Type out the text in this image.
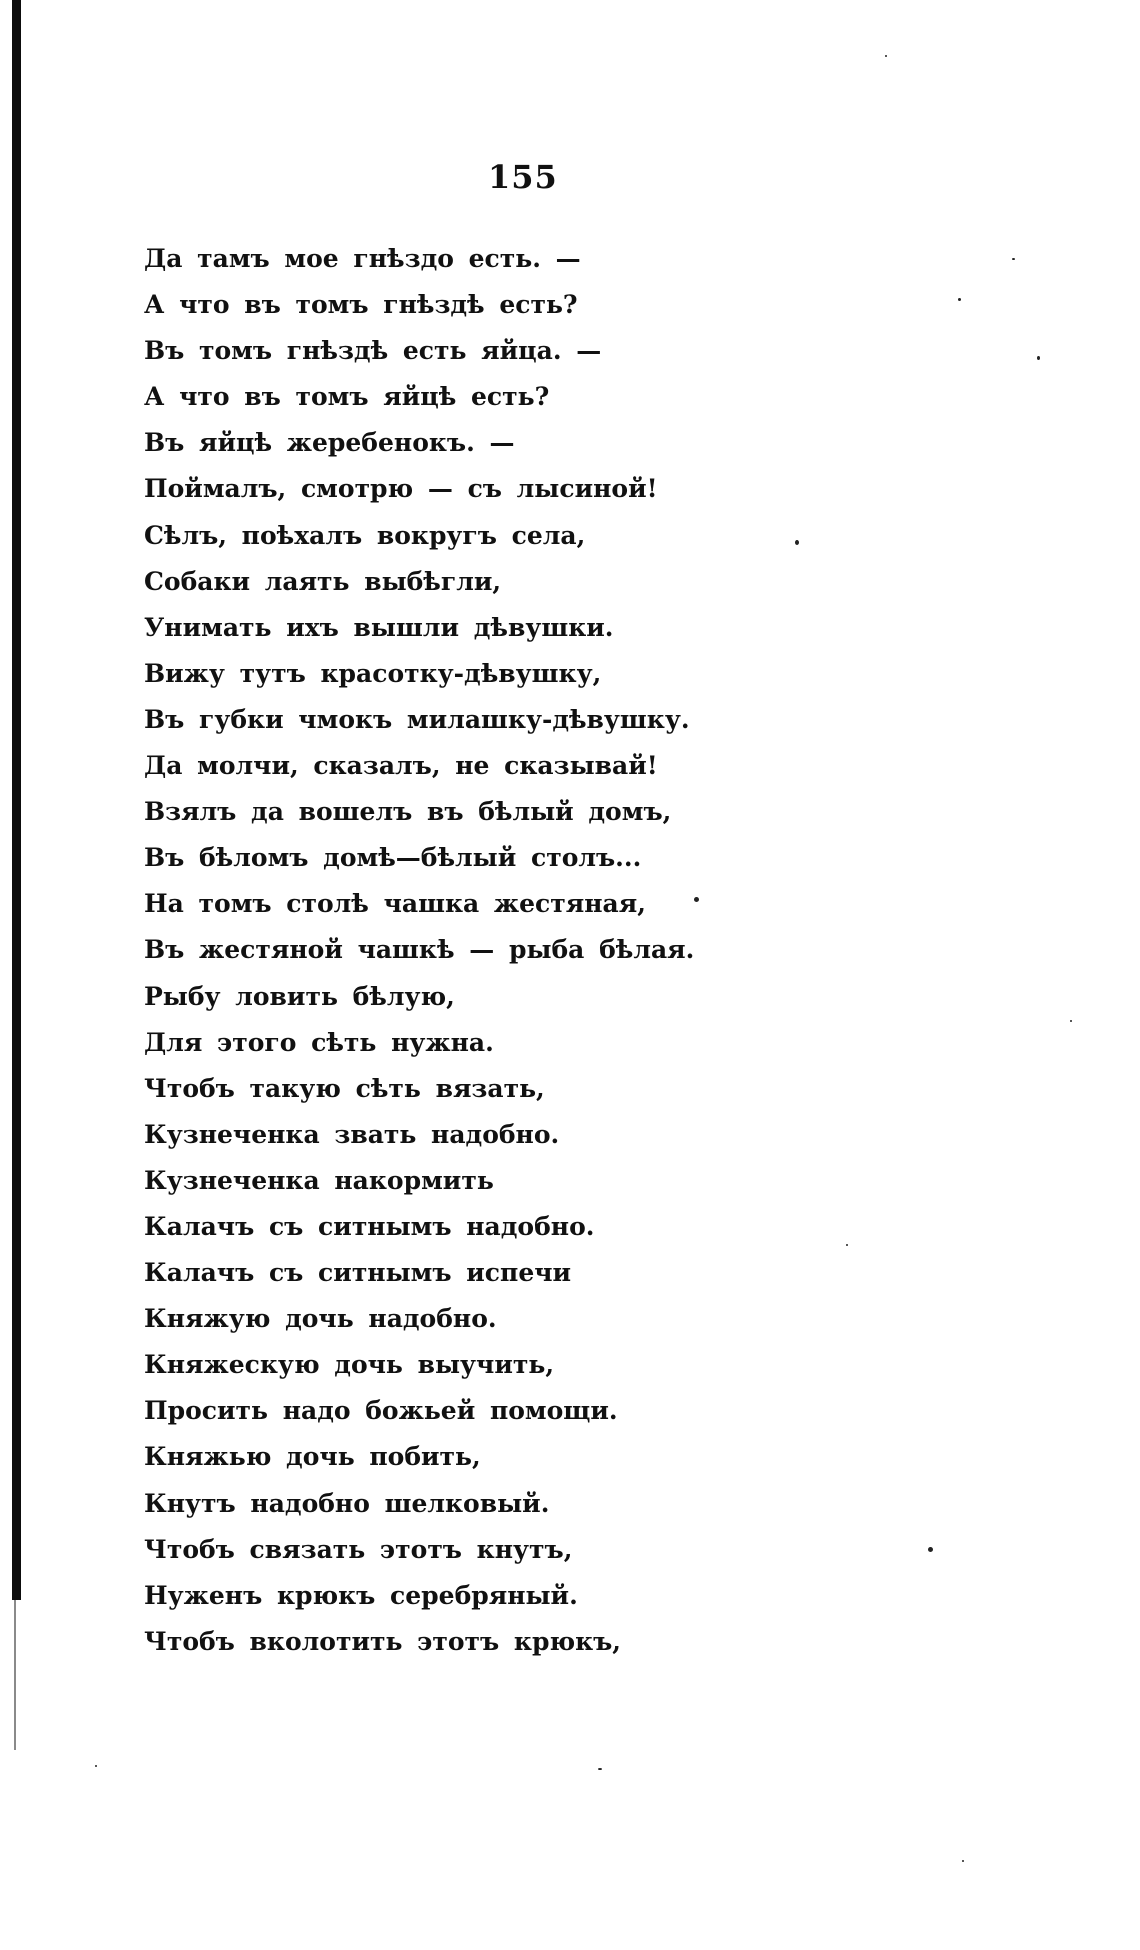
155
Да тамъ мое гнѣздо есть. —
А что въ томъ гнѣздѣ есть?
Въ томъ гнѣздѣ есть яйца. —
А что въ томъ яйцѣ есть?
Въ яйцѣ жеребенокъ. —
Поймалъ, смотрю — съ лысиной!
Сѣлъ, поѣхалъ вокругъ села,
Собаки лаять выбѣгли,
Унимать ихъ вышли дѣвушки.
Вижу тутъ красотку-дѣвушку,
Въ губки чмокъ милашку-дѣвушку.
Да молчи, сказалъ, не сказывай!
Взялъ да вошелъ въ бѣлый домъ,
Въ бѣломъ домѣ—бѣлый столъ...
На томъ столѣ чашка жестяная,
Въ жестяной чашкѣ — рыба бѣлая.
Рыбу ловить бѣлую,
Для этого сѣть нужна.
Чтобъ такую сѣть вязать,
Кузнеченка звать надобно.
Кузнеченка накормить
Калачъ съ ситнымъ надобно.
Калачъ съ ситнымъ испечи
Княжую дочь надобно.
Княжескую дочь выучить,
Просить надо божьей помощи.
Княжью дочь побить,
Кнутъ надобно шелковый.
Чтобъ связать этотъ кнутъ,
Нуженъ крюкъ серебряный.
Чтобъ вколотить этотъ крюкъ,
